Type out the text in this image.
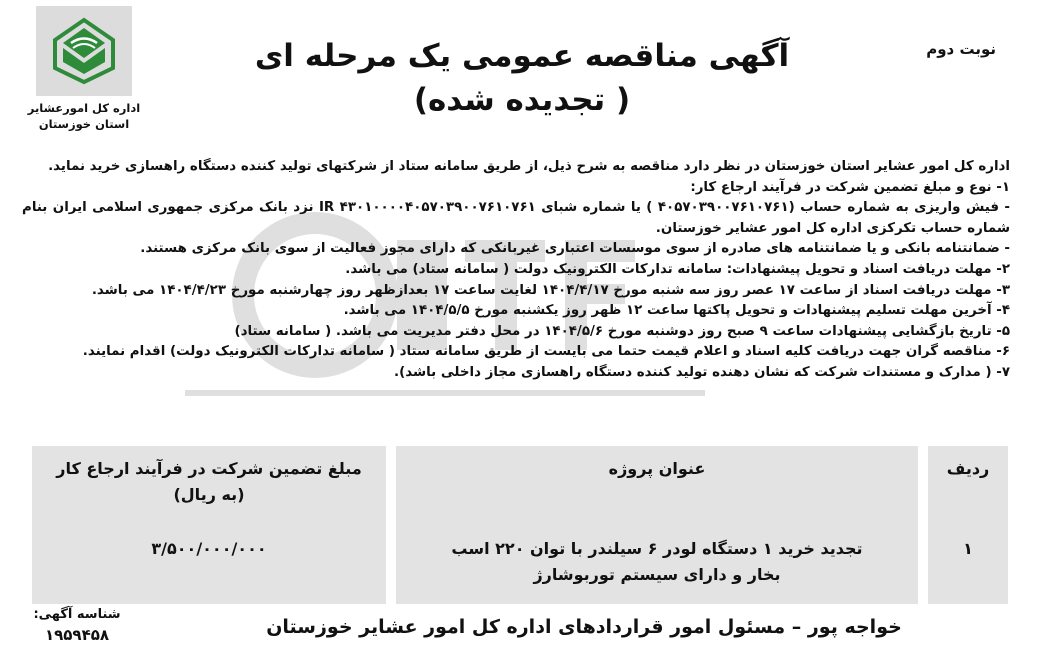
نوبت دوم
آگهی مناقصه عمومی یک مرحله ای
( تجدیده شده)
اداره کل امورعشایر
استان خوزستان

اداره کل امور عشایر استان خوزستان در نظر دارد مناقصه به شرح ذیل، از طریق سامانه ستاد از شرکتهای تولید کننده دستگاه راهسازی خرید نماید.

۱- نوع و مبلغ تضمین شرکت در فرآیند ارجاع کار:

- فیش واریزی به شماره حساب (۴۰۵۷۰۳۹۰۰۷۶۱۰۷۶۱ ) یا شماره شبای ۴۳۰۱۰۰۰۰۴۰۵۷۰۳۹۰۰۷۶۱۰۷۶۱ IR نزد بانک مرکزی جمهوری اسلامی ایران بنام شماره حساب تکرکزی اداره کل امور عشایر خوزستان.

- ضمانتنامه بانکی و یا ضمانتنامه های صادره از سوی موسسات اعتباری غیربانکی که دارای مجوز فعالیت از سوی بانک مرکزی هستند.

۲- مهلت دریافت اسناد و تحویل پیشنهادات: سامانه تدارکات الکترونیک دولت ( سامانه ستاد) می باشد.

۳- مهلت دریافت اسناد از ساعت ۱۷ عصر روز سه شنبه مورخ ۱۴۰۴/۴/۱۷ لغایت ساعت ۱۷ بعدازظهر روز چهارشنبه مورخ ۱۴۰۴/۴/۲۳ می باشد.

۴- آخرین مهلت تسلیم پیشنهادات و تحویل پاکتها ساعت ۱۲ ظهر روز یکشنبه مورخ ۱۴۰۴/۵/۵ می باشد.

۵- تاریخ بازگشایی پیشنهادات ساعت ۹ صبح روز دوشنبه مورخ ۱۴۰۴/۵/۶ در محل دفتر مدیریت می باشد. ( سامانه ستاد)

۶- مناقصه گران جهت دریافت کلیه اسناد و اعلام قیمت حتما می بایست از طریق سامانه ستاد ( سامانه تدارکات الکترونیک دولت) اقدام نمایند.

۷- ( مدارک و مستندات شرکت که نشان دهنده تولید کننده دستگاه راهسازی مجاز داخلی باشد).

ردیف
۱
عنوان پروژه
تجدید خرید ۱ دستگاه لودر ۶ سیلندر با توان ۲۲۰ اسب بخار و دارای سیستم توربوشارژ
مبلغ تضمین شرکت در فرآیند ارجاع کار (به ریال)
۳/۵۰۰/۰۰۰/۰۰۰
خواجه پور – مسئول امور قراردادهای اداره کل امور عشایر خوزستان
شناسه آگهی:
۱۹۵۹۴۵۸
